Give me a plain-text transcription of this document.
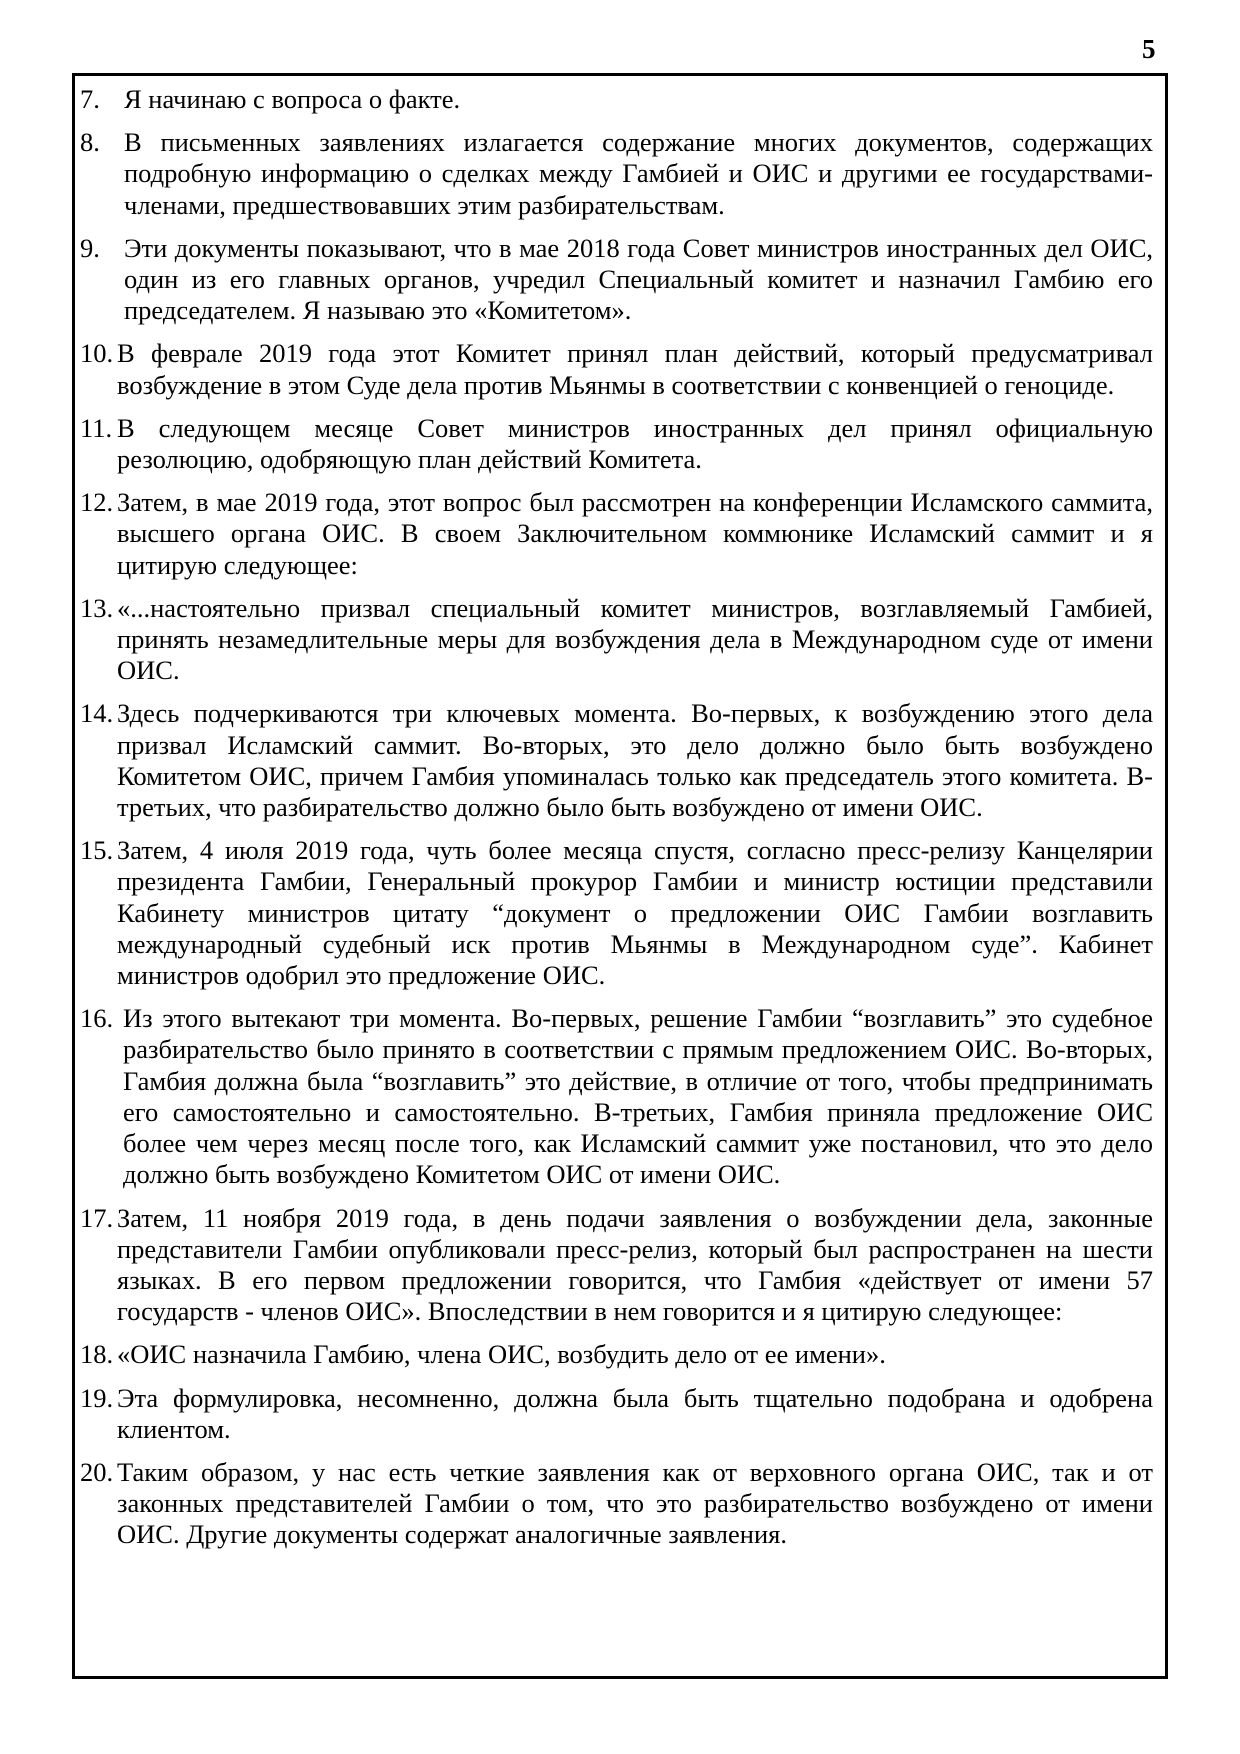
5
7. Я начинаю с вопроса о факте.
8. В письменных заявлениях излагается содержание многих документов, содержащих подробную информацию о сделках между Гамбией и ОИС и другими ее государствами-членами, предшествовавших этим разбирательствам.
9. Эти документы показывают, что в мае 2018 года Совет министров иностранных дел ОИС, один из его главных органов, учредил Специальный комитет и назначил Гамбию его председателем. Я называю это «Комитетом».
10. В феврале 2019 года этот Комитет принял план действий, который предусматривал возбуждение в этом Суде дела против Мьянмы в соответствии с конвенцией о геноциде.
11. В следующем месяце Совет министров иностранных дел принял официальную резолюцию, одобряющую план действий Комитета.
12. Затем, в мае 2019 года, этот вопрос был рассмотрен на конференции Исламского саммита, высшего органа ОИС. В своем Заключительном коммюнике Исламский саммит и я цитирую следующее:
13. «...настоятельно призвал специальный комитет министров, возглавляемый Гамбией, принять незамедлительные меры для возбуждения дела в Международном суде от имени ОИС.
14. Здесь подчеркиваются три ключевых момента. Во-первых, к возбуждению этого дела призвал Исламский саммит. Во-вторых, это дело должно было быть возбуждено Комитетом ОИС, причем Гамбия упоминалась только как председатель этого комитета. В-третьих, что разбирательство должно было быть возбуждено от имени ОИС.
15. Затем, 4 июля 2019 года, чуть более месяца спустя, согласно пресс-релизу Канцелярии президента Гамбии, Генеральный прокурор Гамбии и министр юстиции представили Кабинету министров цитату “документ о предложении ОИС Гамбии возглавить международный судебный иск против Мьянмы в Международном суде”. Кабинет министров одобрил это предложение ОИС.
16. Из этого вытекают три момента. Во-первых, решение Гамбии “возглавить” это судебное разбирательство было принято в соответствии с прямым предложением ОИС. Во-вторых, Гамбия должна была “возглавить” это действие, в отличие от того, чтобы предпринимать его самостоятельно и самостоятельно. В-третьих, Гамбия приняла предложение ОИС более чем через месяц после того, как Исламский саммит уже постановил, что это дело должно быть возбуждено Комитетом ОИС от имени ОИС.
17. Затем, 11 ноября 2019 года, в день подачи заявления о возбуждении дела, законные представители Гамбии опубликовали пресс-релиз, который был распространен на шести языках. В его первом предложении говорится, что Гамбия «действует от имени 57 государств - членов ОИС». Впоследствии в нем говорится и я цитирую следующее:
18. «ОИС назначила Гамбию, члена ОИС, возбудить дело от ее имени».
19. Эта формулировка, несомненно, должна была быть тщательно подобрана и одобрена клиентом.
20. Таким образом, у нас есть четкие заявления как от верховного органа ОИС, так и от законных представителей Гамбии о том, что это разбирательство возбуждено от имени ОИС. Другие документы содержат аналогичные заявления.
